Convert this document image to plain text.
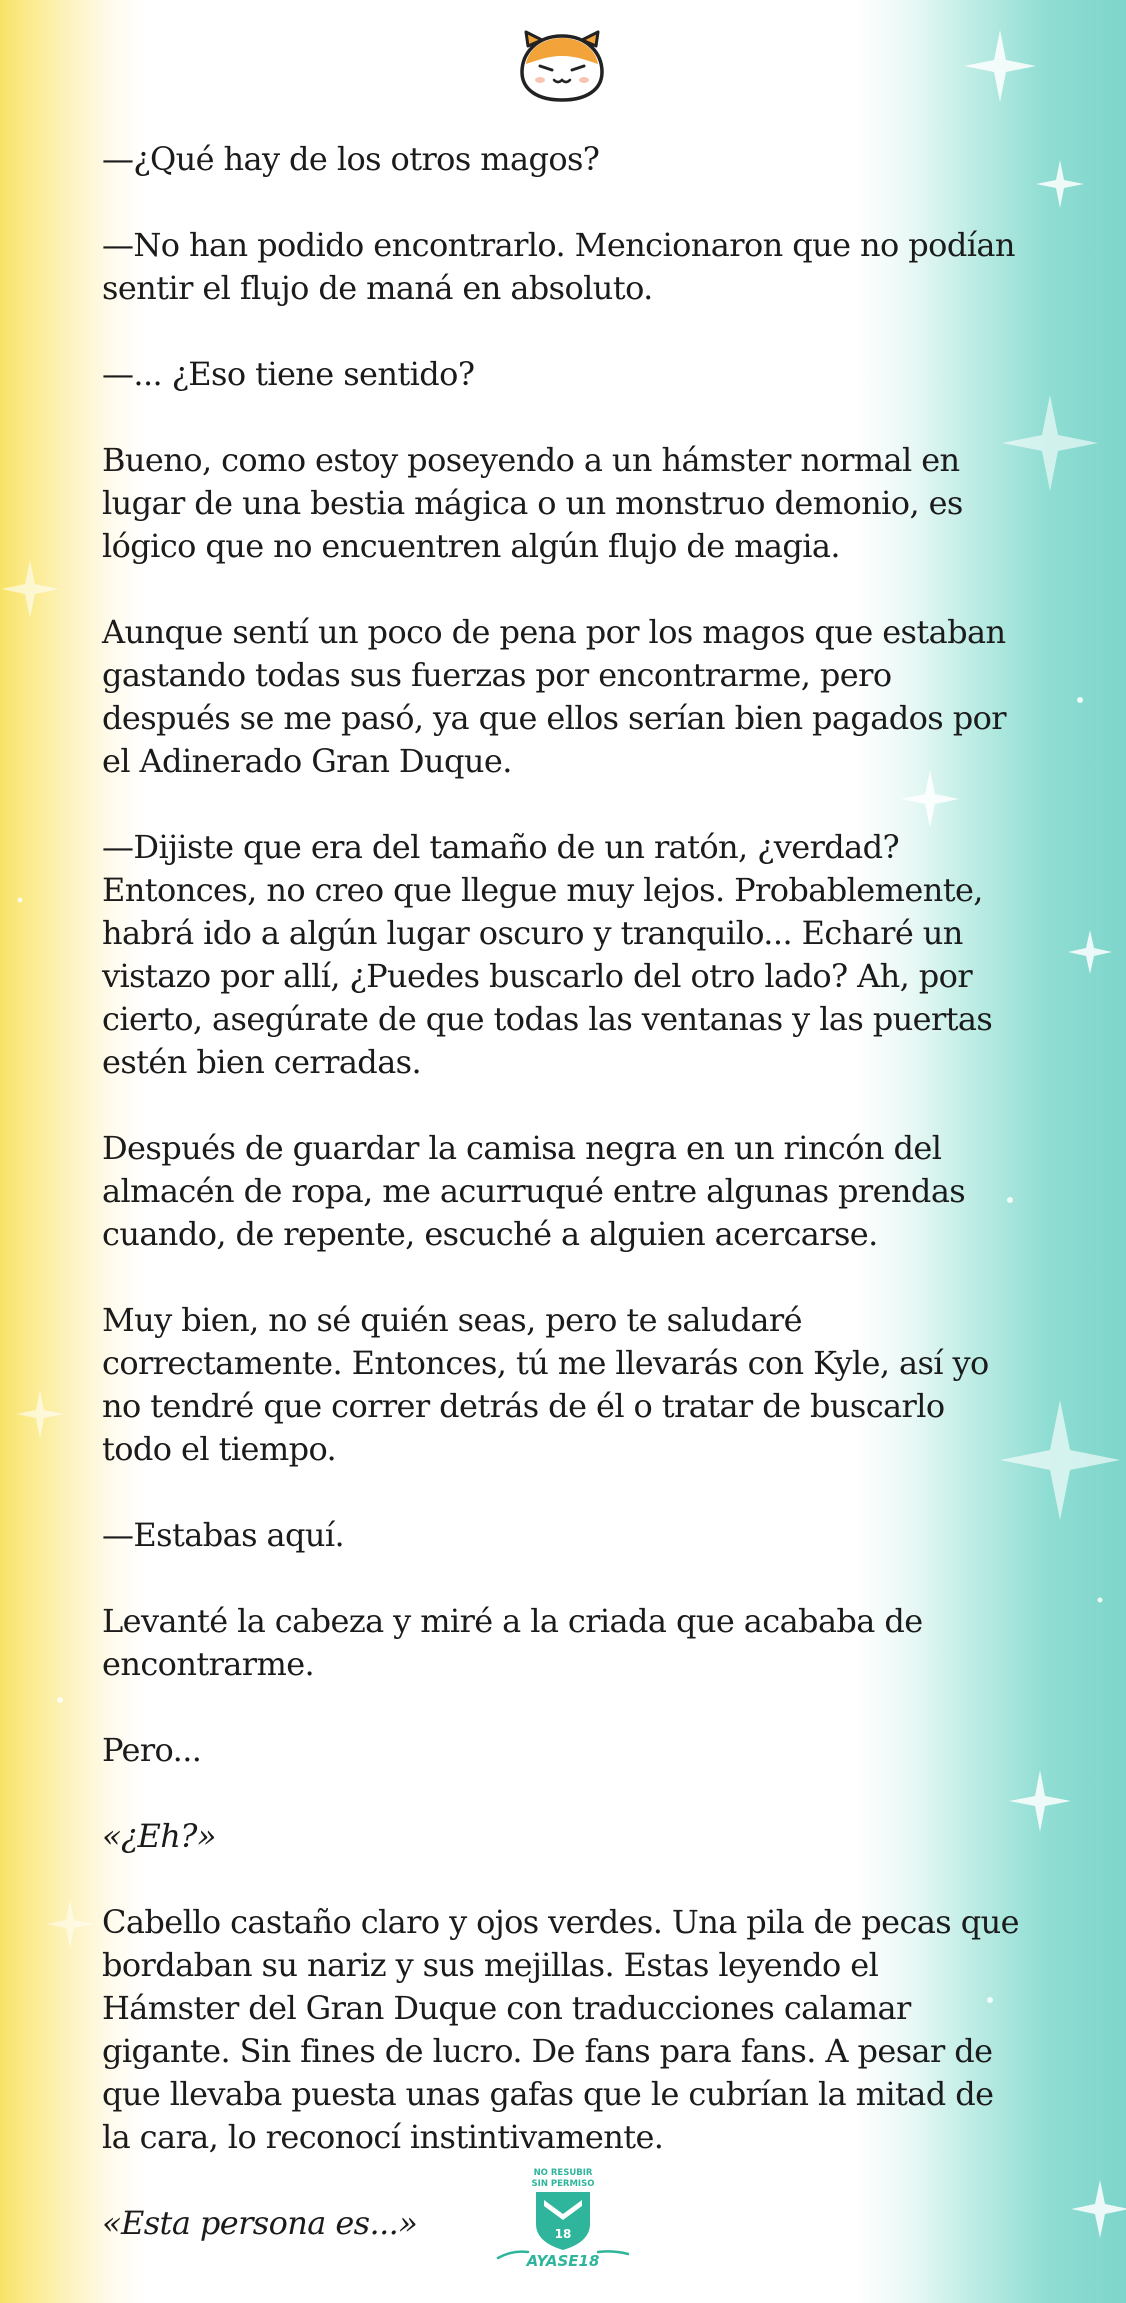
—¿Qué hay de los otros magos?

—No han podido encontrarlo. Mencionaron que no podían sentir el flujo de maná en absoluto.

—... ¿Eso tiene sentido?

Bueno, como estoy poseyendo a un hámster normal en lugar de una bestia mágica o un monstruo demonio, es lógico que no encuentren algún flujo de magia.

Aunque sentí un poco de pena por los magos que estaban gastando todas sus fuerzas por encontrarme, pero después se me pasó, ya que ellos serían bien pagados por el Adinerado Gran Duque.

—Dijiste que era del tamaño de un ratón, ¿verdad? Entonces, no creo que llegue muy lejos. Probablemente, habrá ido a algún lugar oscuro y tranquilo... Echaré un vistazo por allí, ¿Puedes buscarlo del otro lado? Ah, por cierto, asegúrate de que todas las ventanas y las puertas estén bien cerradas.

Después de guardar la camisa negra en un rincón del almacén de ropa, me acurruqué entre algunas prendas cuando, de repente, escuché a alguien acercarse.

Muy bien, no sé quién seas, pero te saludaré correctamente. Entonces, tú me llevarás con Kyle, así yo no tendré que correr detrás de él o tratar de buscarlo todo el tiempo.

—Estabas aquí.

Levanté la cabeza y miré a la criada que acababa de encontrarme.

Pero...

«¿Eh?»

Cabello castaño claro y ojos verdes. Una pila de pecas que bordaban su nariz y sus mejillas. Estas leyendo el Hámster del Gran Duque con traducciones calamar gigante. Sin fines de lucro. De fans para fans. A pesar de que llevaba puesta unas gafas que le cubrían la mitad de la cara, lo reconocí instintivamente.

«Esta persona es...»	18
NO RESUBIR
SIN PERMISO
AYASE18
